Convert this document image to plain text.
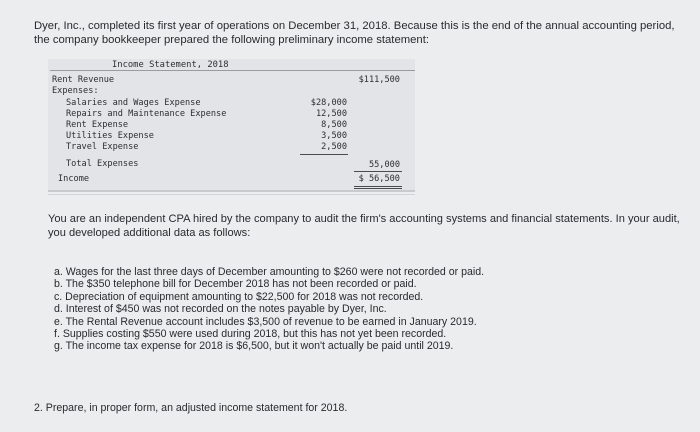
Dyer, Inc., completed its first year of operations on December 31, 2018. Because this is the end of the annual accounting period, the company bookkeeper prepared the following preliminary income statement:
Income Statement, 2018
Rent Revenue	$111,500
Expenses:
Salaries and Wages Expense	$28,000
Repairs and Maintenance Expense	12,500
Rent Expense	8,500
Utilities Expense	3,500
Travel Expense	2,500
Total Expenses	55,000
Income	$ 56,500
You are an independent CPA hired by the company to audit the firm's accounting systems and financial statements. In your audit, you developed additional data as follows:
a. Wages for the last three days of December amounting to $260 were not recorded or paid.
b. The $350 telephone bill for December 2018 has not been recorded or paid.
c. Depreciation of equipment amounting to $22,500 for 2018 was not recorded.
d. Interest of $450 was not recorded on the notes payable by Dyer, Inc.
e. The Rental Revenue account includes $3,500 of revenue to be earned in January 2019.
f. Supplies costing $550 were used during 2018, but this has not yet been recorded.
g. The income tax expense for 2018 is $6,500, but it won't actually be paid until 2019.
2. Prepare, in proper form, an adjusted income statement for 2018.
